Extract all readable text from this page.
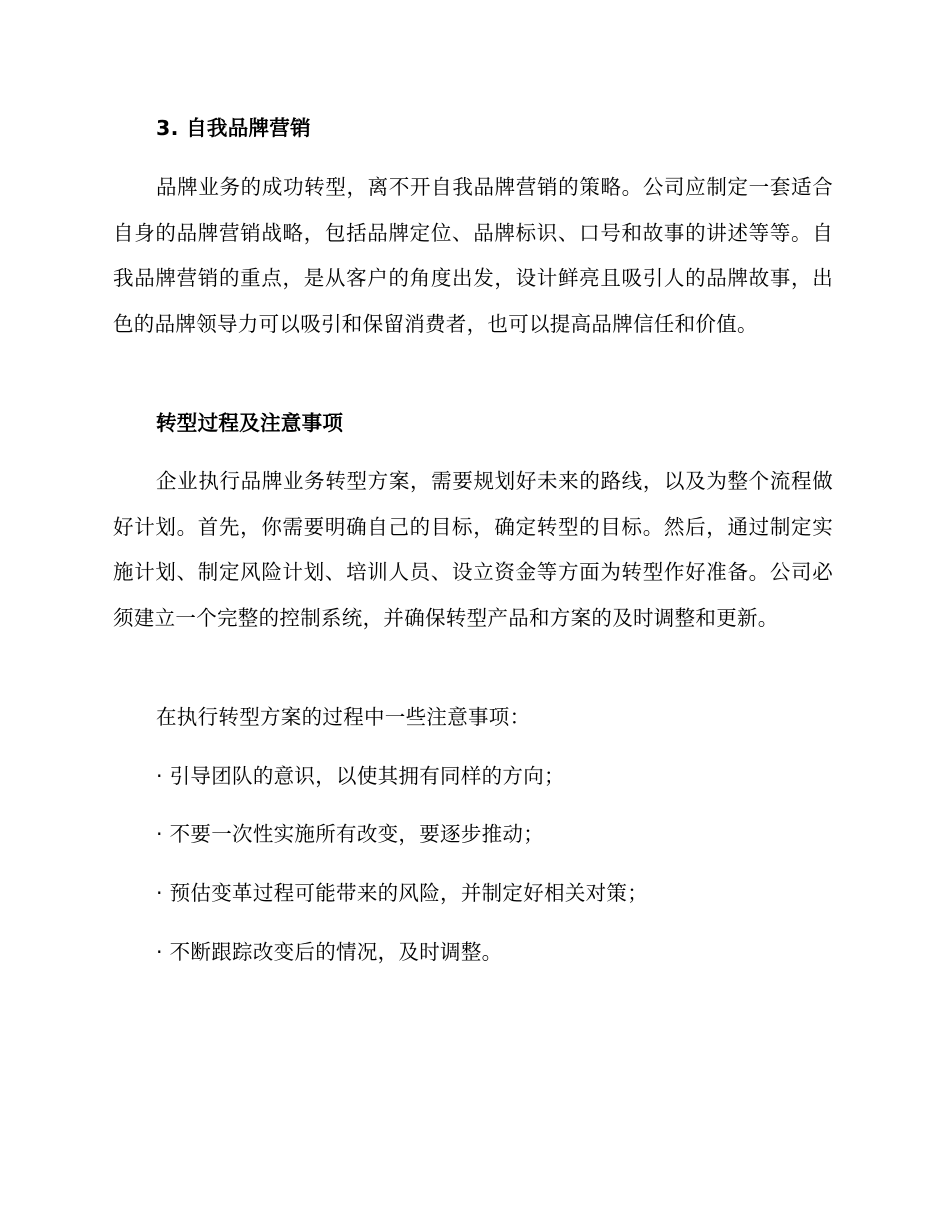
3. 自我品牌营销

品牌业务的成功转型，离不开自我品牌营销的策略。公司应制定一套适合自身的品牌营销战略，包括品牌定位、品牌标识、口号和故事的讲述等等。自我品牌营销的重点，是从客户的角度出发，设计鲜亮且吸引人的品牌故事，出色的品牌领导力可以吸引和保留消费者，也可以提高品牌信任和价值。

转型过程及注意事项

企业执行品牌业务转型方案，需要规划好未来的路线，以及为整个流程做好计划。首先，你需要明确自己的目标，确定转型的目标。然后，通过制定实施计划、制定风险计划、培训人员、设立资金等方面为转型作好准备。公司必须建立一个完整的控制系统，并确保转型产品和方案的及时调整和更新。

在执行转型方案的过程中一些注意事项：

· 引导团队的意识，以使其拥有同样的方向；

· 不要一次性实施所有改变，要逐步推动；

· 预估变革过程可能带来的风险，并制定好相关对策；

· 不断跟踪改变后的情况，及时调整。
